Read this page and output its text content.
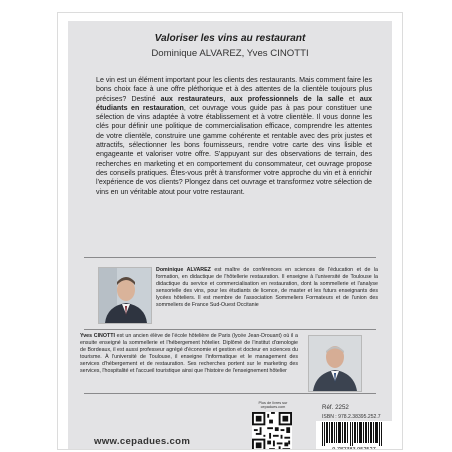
Valoriser les vins au restaurant
Dominique ALVAREZ, Yves CINOTTI

Le vin est un élément important pour les clients des restaurants. Mais comment faire les bons choix face à une offre pléthorique et à des attentes de la clientèle toujours plus précises? Destiné aux restaurateurs, aux professionnels de la salle et aux étudiants en restauration, cet ouvrage vous guide pas à pas pour constituer une sélection de vins adaptée à votre établissement et à votre clientèle. Il vous donne les clés pour définir une politique de commercialisation efficace, comprendre les attentes de votre clientèle, construire une gamme cohérente et rentable avec des prix justes et attractifs, sélectionner les bons fournisseurs, rendre votre carte des vins lisible et engageante et valoriser votre offre. S'appuyant sur des observations de terrain, des recherches en marketing et en comportement du consommateur, cet ouvrage propose des conseils pratiques. Êtes-vous prêt à transformer votre approche du vin et à enrichir l'expérience de vos clients? Plongez dans cet ouvrage et transformez votre sélection de vins en un véritable atout pour votre restaurant.

Dominique ALVAREZ est maître de conférences en sciences de l'éducation et de la formation, en didactique de l'hôtellerie restauration. Il enseigne à l'université de Toulouse la didactique du service et commercialisation en restauration, dont la sommellerie et l'analyse sensorielle des vins, pour les étudiants de licence, de master et les futurs enseignants des lycées hôteliers. Il est membre de l'association Sommeliers Formateurs et de l'union des sommeliers de France Sud-Ouest Occitanie

Yves CINOTTI est un ancien élève de l'école hôtelière de Paris (lycée Jean-Drouant) où il a ensuite enseigné la sommellerie et l'hébergement hôtelier. Diplômé de l'institut d'œnologie de Bordeaux, il est aussi professeur agrégé d'économie et gestion et docteur en sciences du tourisme. À l'université de Toulouse, il enseigne l'informatique et le management des services d'hébergement et de restauration. Ses recherches portent sur le marketing des services, l'hospitalité et l'accueil touristique ainsi que l'histoire de l'enseignement hôtelier

Plus de livres sur cepadues.com	Réf. 2252
ISBN : 978.2.38395.252.7
9 782383 952527
www.cepadues.com
